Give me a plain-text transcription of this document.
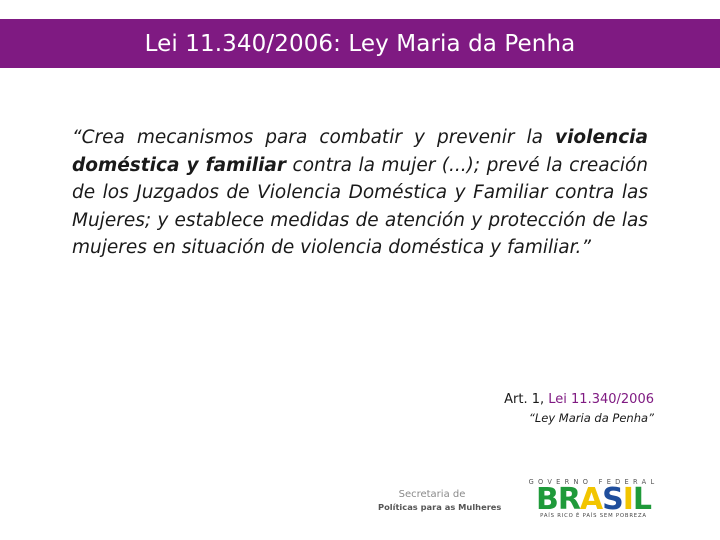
Lei 11.340/2006: Ley Maria da Penha
“Crea mecanismos para combatir y prevenir la violencia doméstica y familiar contra la mujer (...); prevé la creación de los Juzgados de Violencia Doméstica y Familiar contra las Mujeres; y establece medidas de atención y protección de las mujeres en situación de violencia doméstica y familiar.”
Art. 1, Lei 11.340/2006
“Ley Maria da Penha”
Secretaria de
Políticas para as Mulheres
GOVERNO FEDERAL
B R A S I L
PAÍS RICO É PAÍS SEM POBREZA
